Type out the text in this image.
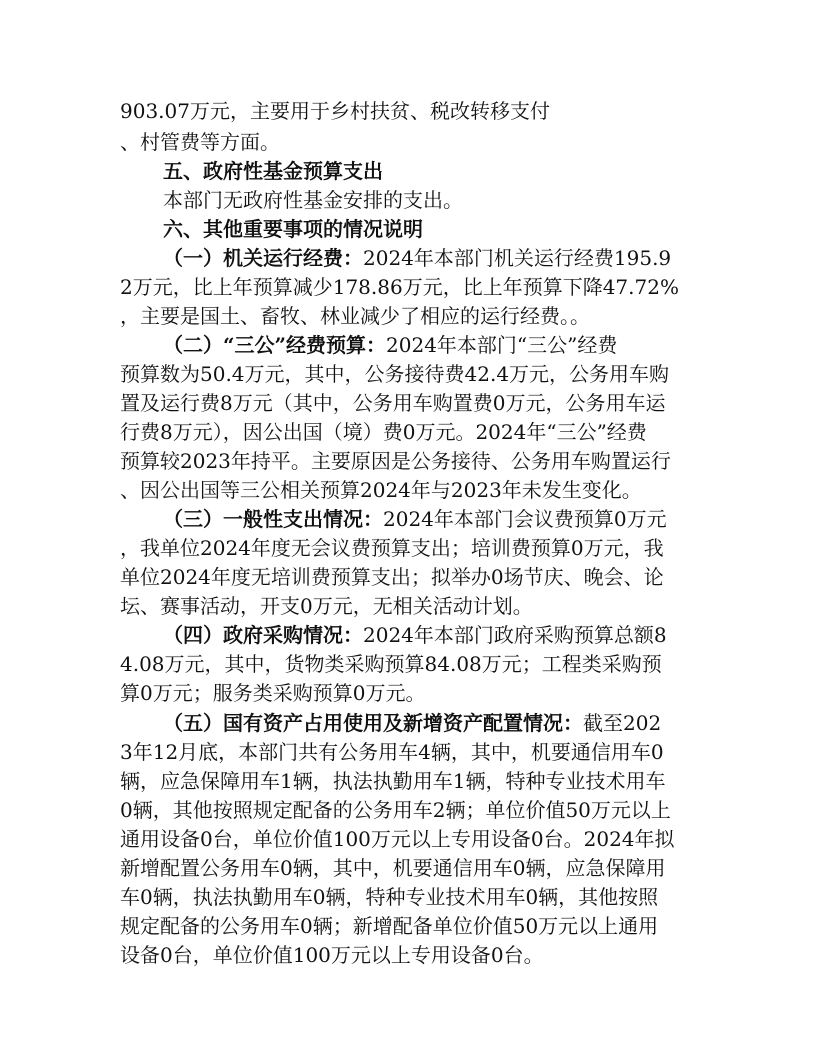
903.07万元，主要用于乡村扶贫、税改转移支付
、村管费等方面。
五、政府性基金预算支出
本部门无政府性基金安排的支出。
六、其他重要事项的情况说明
（一）机关运行经费：2024年本部门机关运行经费195.9
2万元，比上年预算减少178.86万元，比上年预算下降47.72%
，主要是国土、畜牧、林业减少了相应的运行经费。。
（二）“三公”经费预算：2024年本部门“三公”经费
预算数为50.4万元，其中，公务接待费42.4万元，公务用车购
置及运行费8万元（其中，公务用车购置费0万元，公务用车运
行费8万元），因公出国（境）费0万元。2024年“三公”经费
预算较2023年持平。主要原因是公务接待、公务用车购置运行
、因公出国等三公相关预算2024年与2023年未发生变化。
（三）一般性支出情况：2024年本部门会议费预算0万元
，我单位2024年度无会议费预算支出；培训费预算0万元，我
单位2024年度无培训费预算支出；拟举办0场节庆、晚会、论
坛、赛事活动，开支0万元，无相关活动计划。
（四）政府采购情况：2024年本部门政府采购预算总额8
4.08万元，其中，货物类采购预算84.08万元；工程类采购预
算0万元；服务类采购预算0万元。
（五）国有资产占用使用及新增资产配置情况：截至202
3年12月底，本部门共有公务用车4辆，其中，机要通信用车0
辆，应急保障用车1辆，执法执勤用车1辆，特种专业技术用车
0辆，其他按照规定配备的公务用车2辆；单位价值50万元以上
通用设备0台，单位价值100万元以上专用设备0台。2024年拟
新增配置公务用车0辆，其中，机要通信用车0辆，应急保障用
车0辆，执法执勤用车0辆，特种专业技术用车0辆，其他按照
规定配备的公务用车0辆；新增配备单位价值50万元以上通用
设备0台，单位价值100万元以上专用设备0台。
